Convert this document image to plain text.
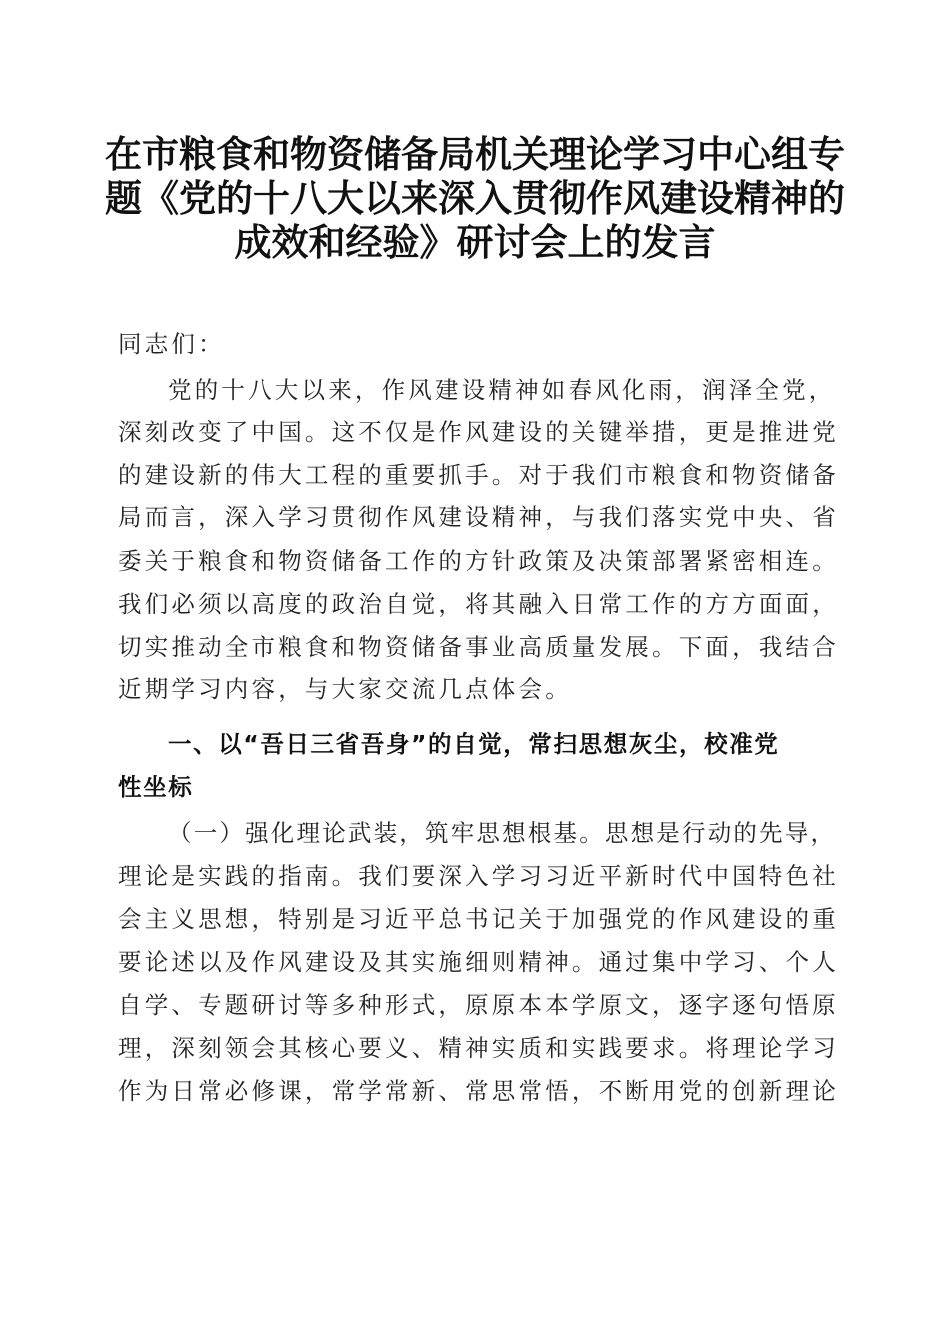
在市粮食和物资储备局机关理论学习中心组专
题《党的十八大以来深入贯彻作风建设精神的
成效和经验》研讨会上的发言
同志们：
党的十八大以来，作风建设精神如春风化雨，润泽全党，
深刻改变了中国。这不仅是作风建设的关键举措，更是推进党
的建设新的伟大工程的重要抓手。对于我们市粮食和物资储备
局而言，深入学习贯彻作风建设精神，与我们落实党中央、省
委关于粮食和物资储备工作的方针政策及决策部署紧密相连。
我们必须以高度的政治自觉，将其融入日常工作的方方面面，
切实推动全市粮食和物资储备事业高质量发展。下面，我结合
近期学习内容，与大家交流几点体会。
一、以“吾日三省吾身”的自觉，常扫思想灰尘，校准党
性坐标
（一）强化理论武装，筑牢思想根基。思想是行动的先导，
理论是实践的指南。我们要深入学习习近平新时代中国特色社
会主义思想，特别是习近平总书记关于加强党的作风建设的重
要论述以及作风建设及其实施细则精神。通过集中学习、个人
自学、专题研讨等多种形式，原原本本学原文，逐字逐句悟原
理，深刻领会其核心要义、精神实质和实践要求。将理论学习
作为日常必修课，常学常新、常思常悟，不断用党的创新理论
